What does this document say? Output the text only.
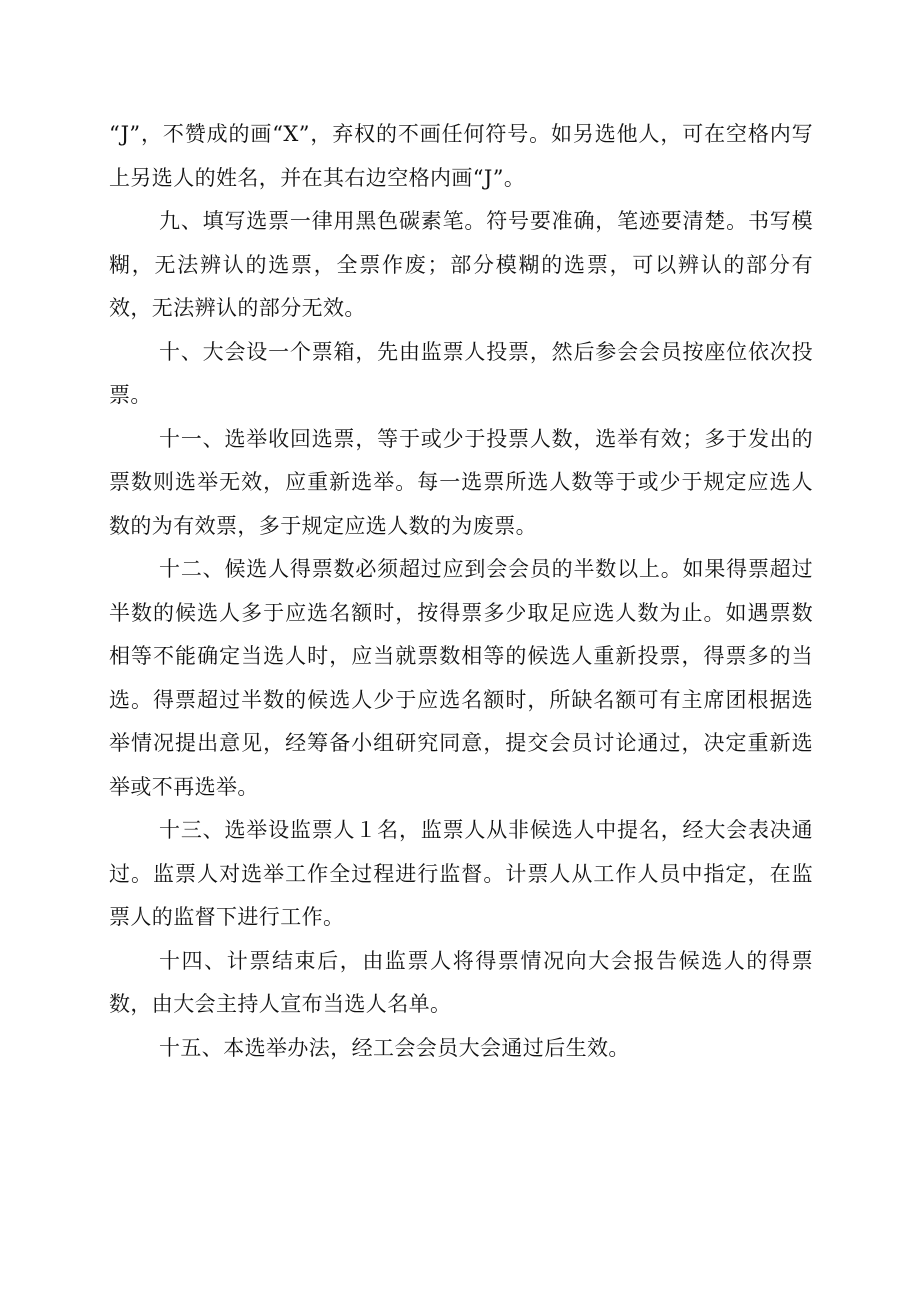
“J”，不赞成的画“X”，弃权的不画任何符号。如另选他人，可在空格内写上另选人的姓名，并在其右边空格内画“J”。

九、填写选票一律用黑色碳素笔。符号要准确，笔迹要清楚。书写模糊，无法辨认的选票，全票作废；部分模糊的选票，可以辨认的部分有效，无法辨认的部分无效。

十、大会设一个票箱，先由监票人投票，然后参会会员按座位依次投票。

十一、选举收回选票，等于或少于投票人数，选举有效；多于发出的票数则选举无效，应重新选举。每一选票所选人数等于或少于规定应选人数的为有效票，多于规定应选人数的为废票。

十二、候选人得票数必须超过应到会会员的半数以上。如果得票超过半数的候选人多于应选名额时，按得票多少取足应选人数为止。如遇票数相等不能确定当选人时，应当就票数相等的候选人重新投票，得票多的当选。得票超过半数的候选人少于应选名额时，所缺名额可有主席团根据选举情况提出意见，经筹备小组研究同意，提交会员讨论通过，决定重新选举或不再选举。

十三、选举设监票人１名，监票人从非候选人中提名，经大会表决通过。监票人对选举工作全过程进行监督。计票人从工作人员中指定，在监票人的监督下进行工作。

十四、计票结束后，由监票人将得票情况向大会报告候选人的得票数，由大会主持人宣布当选人名单。

十五、本选举办法，经工会会员大会通过后生效。
